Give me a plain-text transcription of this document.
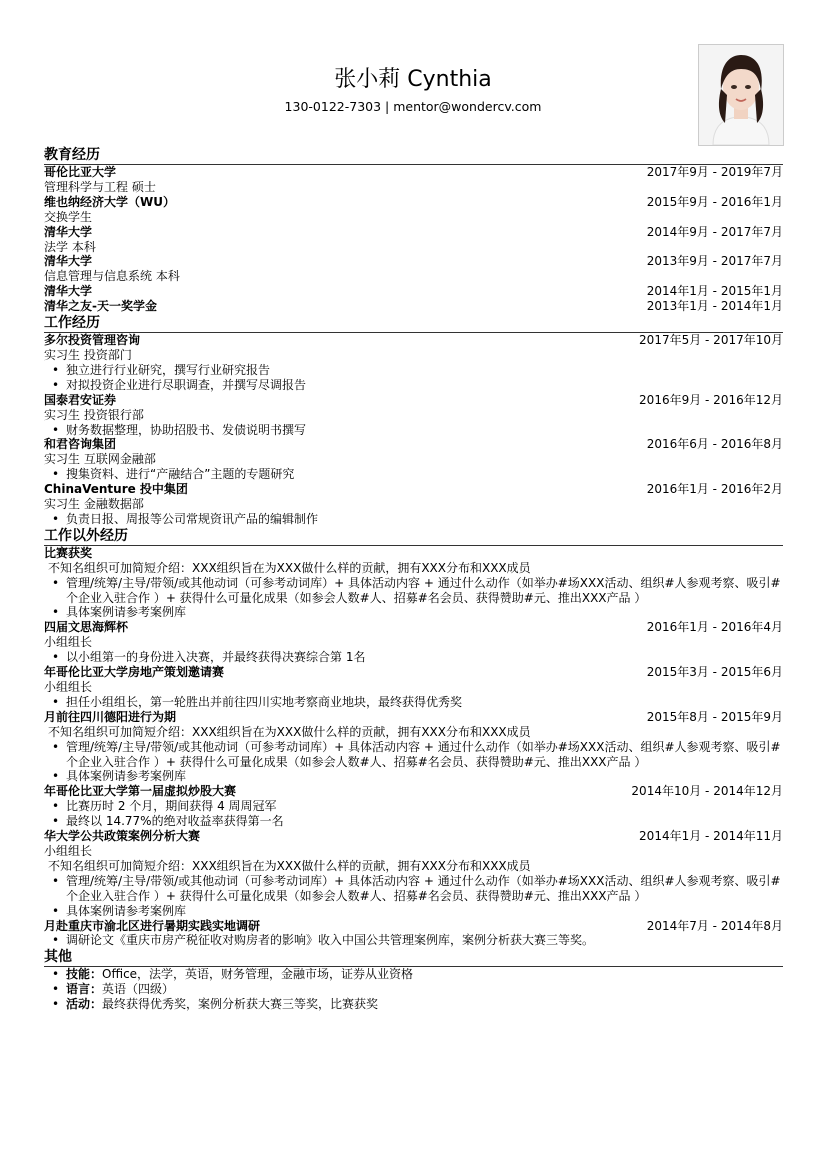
张小莉 Cynthia
130-0122-7303 | mentor@wondercv.com
教育经历
哥伦比亚大学	2017年9月 - 2019年7月
管理科学与工程 硕士
维也纳经济大学（WU）	2015年9月 - 2016年1月
交换学生
清华大学	2014年9月 - 2017年7月
法学 本科
清华大学	2013年9月 - 2017年7月
信息管理与信息系统 本科
清华大学	2014年1月 - 2015年1月
清华之友-天一奖学金	2013年1月 - 2014年1月
工作经历
多尔投资管理咨询	2017年5月 - 2017年10月
实习生 投资部门
• 独立进行行业研究，撰写行业研究报告
• 对拟投资企业进行尽职调查，并撰写尽调报告
国泰君安证券	2016年9月 - 2016年12月
实习生 投资银行部
• 财务数据整理，协助招股书、发债说明书撰写
和君咨询集团	2016年6月 - 2016年8月
实习生 互联网金融部
• 搜集资料、进行“产融结合”主题的专题研究
ChinaVenture 投中集团	2016年1月 - 2016年2月
实习生 金融数据部
• 负责日报、周报等公司常规资讯产品的编辑制作
工作以外经历
比赛获奖
不知名组织可加简短介绍：XXX组织旨在为XXX做什么样的贡献，拥有XXX分布和XXX成员
• 管理/统筹/主导/带领/或其他动词（可参考动词库）+ 具体活动内容 + 通过什么动作（如举办#场XXX活动、组织#人参观考察、吸引#个企业入驻合作 ）+ 获得什么可量化成果（如参会人数#人、招募#名会员、获得赞助#元、推出XXX产品 ）
• 具体案例请参考案例库
四届文思海辉杯	2016年1月 - 2016年4月
小组组长
• 以小组第一的身份进入决赛，并最终获得决赛综合第 1名
年哥伦比亚大学房地产策划邀请赛	2015年3月 - 2015年6月
小组组长
• 担任小组组长，第一轮胜出并前往四川实地考察商业地块，最终获得优秀奖
月前往四川德阳进行为期	2015年8月 - 2015年9月
不知名组织可加简短介绍：XXX组织旨在为XXX做什么样的贡献，拥有XXX分布和XXX成员
• 管理/统筹/主导/带领/或其他动词（可参考动词库）+ 具体活动内容 + 通过什么动作（如举办#场XXX活动、组织#人参观考察、吸引#个企业入驻合作 ）+ 获得什么可量化成果（如参会人数#人、招募#名会员、获得赞助#元、推出XXX产品 ）
• 具体案例请参考案例库
年哥伦比亚大学第一届虚拟炒股大赛	2014年10月 - 2014年12月
• 比赛历时 2 个月，期间获得 4 周周冠军
• 最终以 14.77%的绝对收益率获得第一名
华大学公共政策案例分析大赛	2014年1月 - 2014年11月
小组组长
不知名组织可加简短介绍：XXX组织旨在为XXX做什么样的贡献，拥有XXX分布和XXX成员
• 管理/统筹/主导/带领/或其他动词（可参考动词库）+ 具体活动内容 + 通过什么动作（如举办#场XXX活动、组织#人参观考察、吸引#个企业入驻合作 ）+ 获得什么可量化成果（如参会人数#人、招募#名会员、获得赞助#元、推出XXX产品 ）
• 具体案例请参考案例库
月赴重庆市渝北区进行暑期实践实地调研	2014年7月 - 2014年8月
• 调研论文《重庆市房产税征收对购房者的影响》收入中国公共管理案例库，案例分析获大赛三等奖。
其他
• 技能：Office，法学，英语，财务管理，金融市场，证券从业资格
• 语言：英语（四级）
• 活动：最终获得优秀奖，案例分析获大赛三等奖，比赛获奖
